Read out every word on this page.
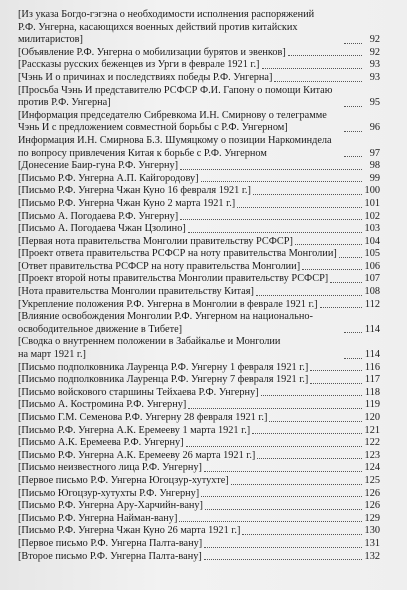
[Из указа Богдо-гэгэна о необходимости исполнения распоряжений
Р.Ф. Унгерна, касающихся военных действий против китайских
милитаристов]	92
[Объявление Р.Ф. Унгерна о мобилизации бурятов и эвенков]	92
[Рассказы русских беженцев из Урги в феврале 1921 г.]	93
[Чэнь И о причинах и последствиях победы Р.Ф. Унгерна]	93
[Просьба Чэнь И представителю РСФСР Ф.И. Гапону о помощи Китаю
против Р.Ф. Унгерна]	95
[Информация председателю Сибревкома И.Н. Смирнову о телеграмме
Чэнь И с предложением совместной борьбы с Р.Ф. Унгерном]	96
Информация И.Н. Смирнова Б.З. Шумяцкому о позиции Наркоминдела
по вопросу привлечения Китая к борьбе с Р.Ф. Унгерном	97
[Донесение Баир-гуна Р.Ф. Унгерну]	98
[Письмо Р.Ф. Унгерна А.П. Кайгородову]	99
[Письмо Р.Ф. Унгерна Чжан Куно 16 февраля 1921 г.]	100
[Письмо Р.Ф. Унгерна Чжан Куно 2 марта 1921 г.]	101
[Письмо А. Погодаева Р.Ф. Унгерну]	102
[Письмо А. Погодаева Чжан Цзолино]	103
[Первая нота правительства Монголии правительству РСФСР]	104
[Проект ответа правительства РСФСР на ноту правительства Монголии]	105
[Ответ правительства РСФСР на ноту правительства Монголии]	106
[Проект второй ноты правительства Монголии правительству РСФСР]	107
[Нота правительства Монголии правительству Китая]	108
[Укрепление положения Р.Ф. Унгерна в Монголии в феврале 1921 г.]	112
[Влияние освобождения Монголии Р.Ф. Унгерном на национально-
освободительное движение в Тибете]	114
[Сводка о внутреннем положении в Забайкалье и Монголии
на март 1921 г.]	114
[Письмо подполковника Лауренца Р.Ф. Унгерну 1 февраля 1921 г.]	116
[Письмо подполковника Лауренца Р.Ф. Унгерну 7 февраля 1921 г.]	117
[Письмо войскового старшины Тейхаева Р.Ф. Унгерну]	118
[Письмо А. Костромина Р.Ф. Унгерну]	119
[Письмо Г.М. Семенова Р.Ф. Унгерну 28 февраля 1921 г.]	120
[Письмо Р.Ф. Унгерна А.К. Еремееву 1 марта 1921 г.]	121
[Письмо А.К. Еремеева Р.Ф. Унгерну]	122
[Письмо Р.Ф. Унгерна А.К. Еремееву 26 марта 1921 г.]	123
[Письмо неизвестного лица Р.Ф. Унгерну]	124
[Первое письмо Р.Ф. Унгерна Югоцзур-хутухте]	125
[Письмо Югоцзур-хутухты Р.Ф. Унгерну]	126
[Письмо Р.Ф. Унгерна Ару-Харчийн-вану]	126
[Письмо Р.Ф. Унгерна Найман-вану]	129
[Письмо Р.Ф. Унгерна Чжан Куно 26 марта 1921 г.]	130
[Первое письмо Р.Ф. Унгерна Палта-вану]	131
[Второе письмо Р.Ф. Унгерна Палта-вану]	132
